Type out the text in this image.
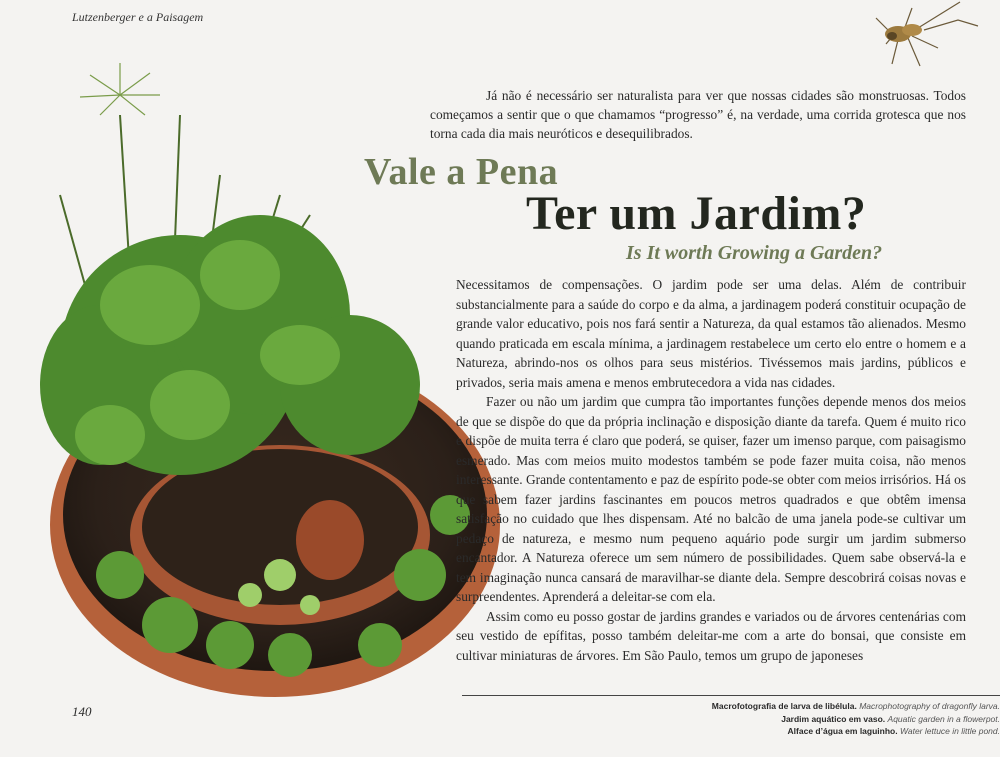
Lutzenberger e a Paisagem

Já não é necessário ser naturalista para ver que nossas cidades são monstruosas. Todos começamos a sentir que o que chamamos “progresso” é, na verdade, uma corrida grotesca que nos torna cada dia mais neuróticos e desequilibrados.

Vale a Pena
Ter um Jardim?
Is It worth Growing a Garden?

Necessitamos de compensações. O jardim pode ser uma delas. Além de contribuir substancialmente para a saúde do corpo e da alma, a jardinagem poderá constituir ocupação de grande valor educativo, pois nos fará sentir a Natureza, da qual estamos tão alienados. Mesmo quando praticada em escala mínima, a jardinagem restabelece um certo elo entre o homem e a Natureza, abrindo-nos os olhos para seus mistérios. Tivéssemos mais jardins, públicos e privados, seria mais amena e menos embrutecedora a vida nas cidades.

Fazer ou não um jardim que cumpra tão importantes funções depende menos dos meios de que se dispõe do que da própria inclinação e disposição diante da tarefa. Quem é muito rico e dispõe de muita terra é claro que poderá, se quiser, fazer um imenso parque, com paisagismo esmerado. Mas com meios muito modestos também se pode fazer muita coisa, não menos interessante. Grande contentamento e paz de espírito pode-se obter com meios irrisórios. Há os que sabem fazer jardins fascinantes em poucos metros quadrados e que obtêm imensa satisfação no cuidado que lhes dispensam. Até no balcão de uma janela pode-se cultivar um pedaço de natureza, e mesmo num pequeno aquário pode surgir um jardim submerso encantador. A Natureza oferece um sem número de possibilidades. Quem sabe observá-la e tem imaginação nunca cansará de maravilhar-se diante dela. Sempre descobrirá coisas novas e surpreendentes. Aprenderá a deleitar-se com ela.

Assim como eu posso gostar de jardins grandes e variados ou de árvores centenárias com seu vestido de epífitas, posso também deleitar-me com a arte do bonsai, que consiste em cultivar miniaturas de árvores. Em São Paulo, temos um grupo de japoneses

Macrofotografia de larva de libélula. Macrophotography of dragonfly larva.
Jardim aquático em vaso. Aquatic garden in a flowerpot.
Alface d’água em laguinho. Water lettuce in little pond.
140
